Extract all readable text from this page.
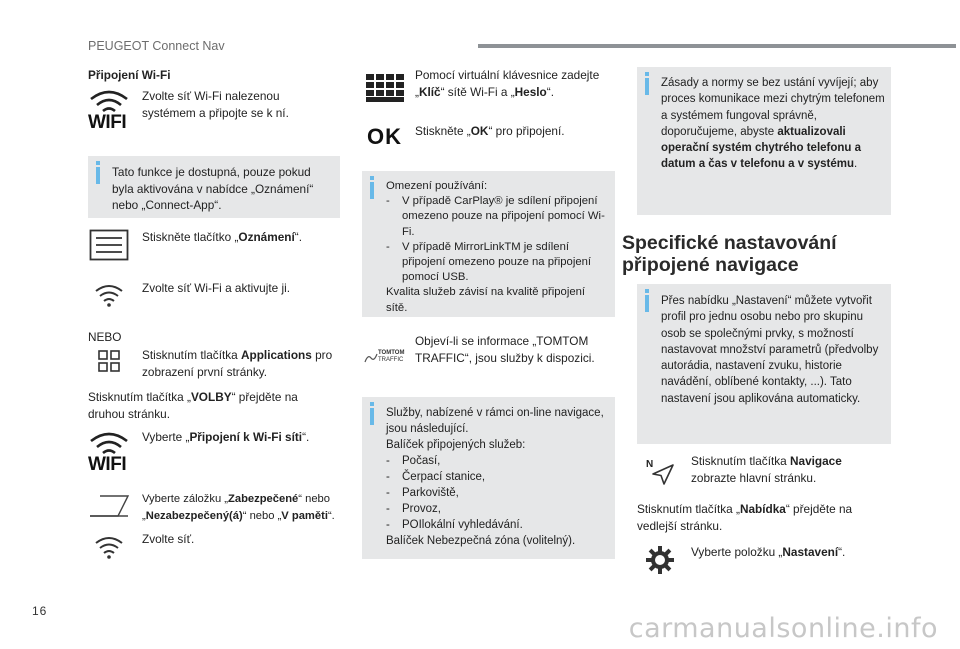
PEUGEOT Connect Nav
Připojení Wi-Fi
WIFI
Zvolte síť Wi-Fi nalezenou systémem a připojte se k ní.
Tato funkce je dostupná, pouze pokud byla aktivována v nabídce „Oznámení“ nebo „Connect-App“.
Stiskněte tlačítko „Oznámení“.
Zvolte síť Wi-Fi a aktivujte ji.
NEBO
Stisknutím tlačítka Applications pro zobrazení první stránky.
Stisknutím tlačítka „VOLBY“ přejděte na druhou stránku.
WIFI
Vyberte „Připojení k Wi-Fi síti“.
Vyberte záložku „Zabezpečené“ nebo „Nezabezpečený(á)“ nebo „V paměti“.
Zvolte síť.
Pomocí virtuální klávesnice zadejte „Klíč“ sítě Wi-Fi a „Heslo“.
OK Stiskněte „OK“ pro připojení.
Omezení používání:
- V případě CarPlay® je sdílení připojení omezeno pouze na připojení pomocí Wi-Fi.
- V případě MirrorLinkTM je sdílení připojení omezeno pouze na připojení pomocí USB.
Kvalita služeb závisí na kvalitě připojení sítě.
TOMTOM
TRAFFIC
Objeví-li se informace „TOMTOM TRAFFIC“, jsou služby k dispozici.
Služby, nabízené v rámci on-line navigace, jsou následující.
Balíček připojených služeb:
- Počasí,
- Čerpací stanice,
- Parkoviště,
- Provoz,
- POIlokální vyhledávání.
Balíček Nebezpečná zóna (volitelný).
Zásady a normy se bez ustání vyvíjejí; aby proces komunikace mezi chytrým telefonem a systémem fungoval správně, doporučujeme, abyste aktualizovali operační systém chytrého telefonu a datum a čas v telefonu a v systému.
Specifické nastavování připojené navigace
Přes nabídku „Nastavení“ můžete vytvořit profil pro jednu osobu nebo pro skupinu osob se společnými prvky, s možností nastavovat množství parametrů (předvolby autorádia, nastavení zvuku, historie navádění, oblíbené kontakty, ...). Tato nastavení jsou aplikována automaticky.
N	Stisknutím tlačítka Navigace zobrazte hlavní stránku.
Stisknutím tlačítka „Nabídka“ přejděte na vedlejší stránku.
Vyberte položku „Nastavení“.
16
carmanualsonline.info
